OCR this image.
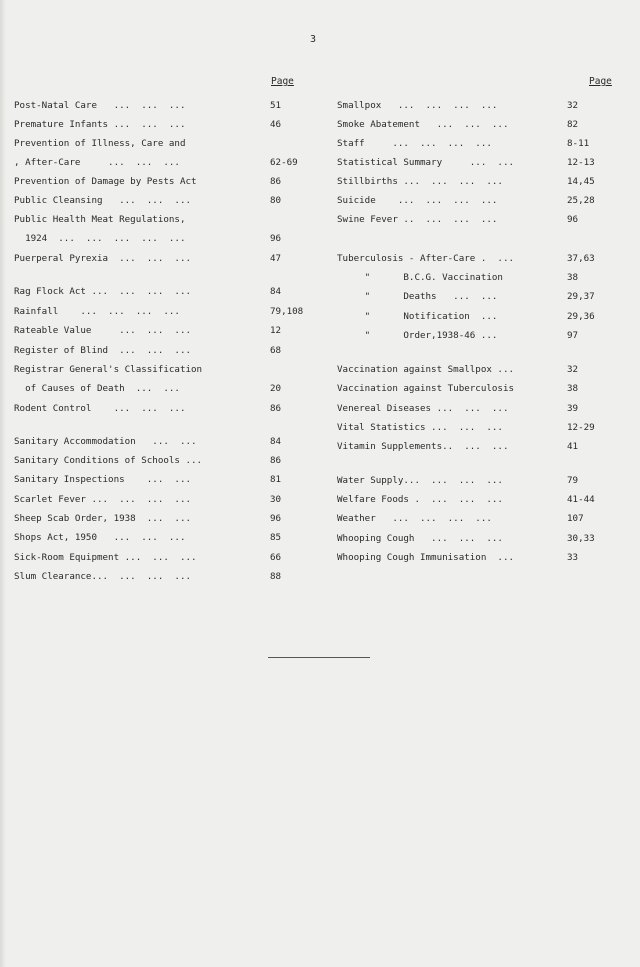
3
Page
Post-Natal Care   ...  ...  ...	51
Premature Infants ...  ...  ...	46
Prevention of Illness, Care and
, After-Care     ...  ...  ...	62-69
Prevention of Damage by Pests Act	86
Public Cleansing   ...  ...  ...	80
Public Health Meat Regulations,
1924  ...  ...  ...  ...  ...	96
Puerperal Pyrexia  ...  ...  ...	47
Rag Flock Act ...  ...  ...  ...	84
Rainfall    ...  ...  ...  ...	79,108
Rateable Value     ...  ...  ...	12
Register of Blind  ...  ...  ...	68
Registrar General's Classification
of Causes of Death  ...  ...	20
Rodent Control    ...  ...  ...	86
Sanitary Accommodation   ...  ...	84
Sanitary Conditions of Schools ...	86
Sanitary Inspections    ...  ...	81
Scarlet Fever ...  ...  ...  ...	30
Sheep Scab Order, 1938  ...  ...	96
Shops Act, 1950   ...  ...  ...	85
Sick-Room Equipment ...  ...  ...	66
Slum Clearance...  ...  ...  ...	88
Page
Smallpox   ...  ...  ...  ...	32
Smoke Abatement   ...  ...  ...	82
Staff     ...  ...  ...  ...	8-11
Statistical Summary     ...  ...	12-13
Stillbirths ...  ...  ...  ...	14,45
Suicide    ...  ...  ...  ...	25,28
Swine Fever ..  ...  ...  ...	96
Tuberculosis - After-Care .  ...	37,63
"      B.C.G. Vaccination	38
"      Deaths   ...  ...	29,37
"      Notification  ...	29,36
"      Order,1938-46 ...	97
Vaccination against Smallpox ...	32
Vaccination against Tuberculosis	38
Venereal Diseases ...  ...  ...	39
Vital Statistics ...  ...  ...	12-29
Vitamin Supplements..  ...  ...	41
Water Supply...  ...  ...  ...	79
Welfare Foods .  ...  ...  ...	41-44
Weather   ...  ...  ...  ...	107
Whooping Cough   ...  ...  ...	30,33
Whooping Cough Immunisation  ...	33
